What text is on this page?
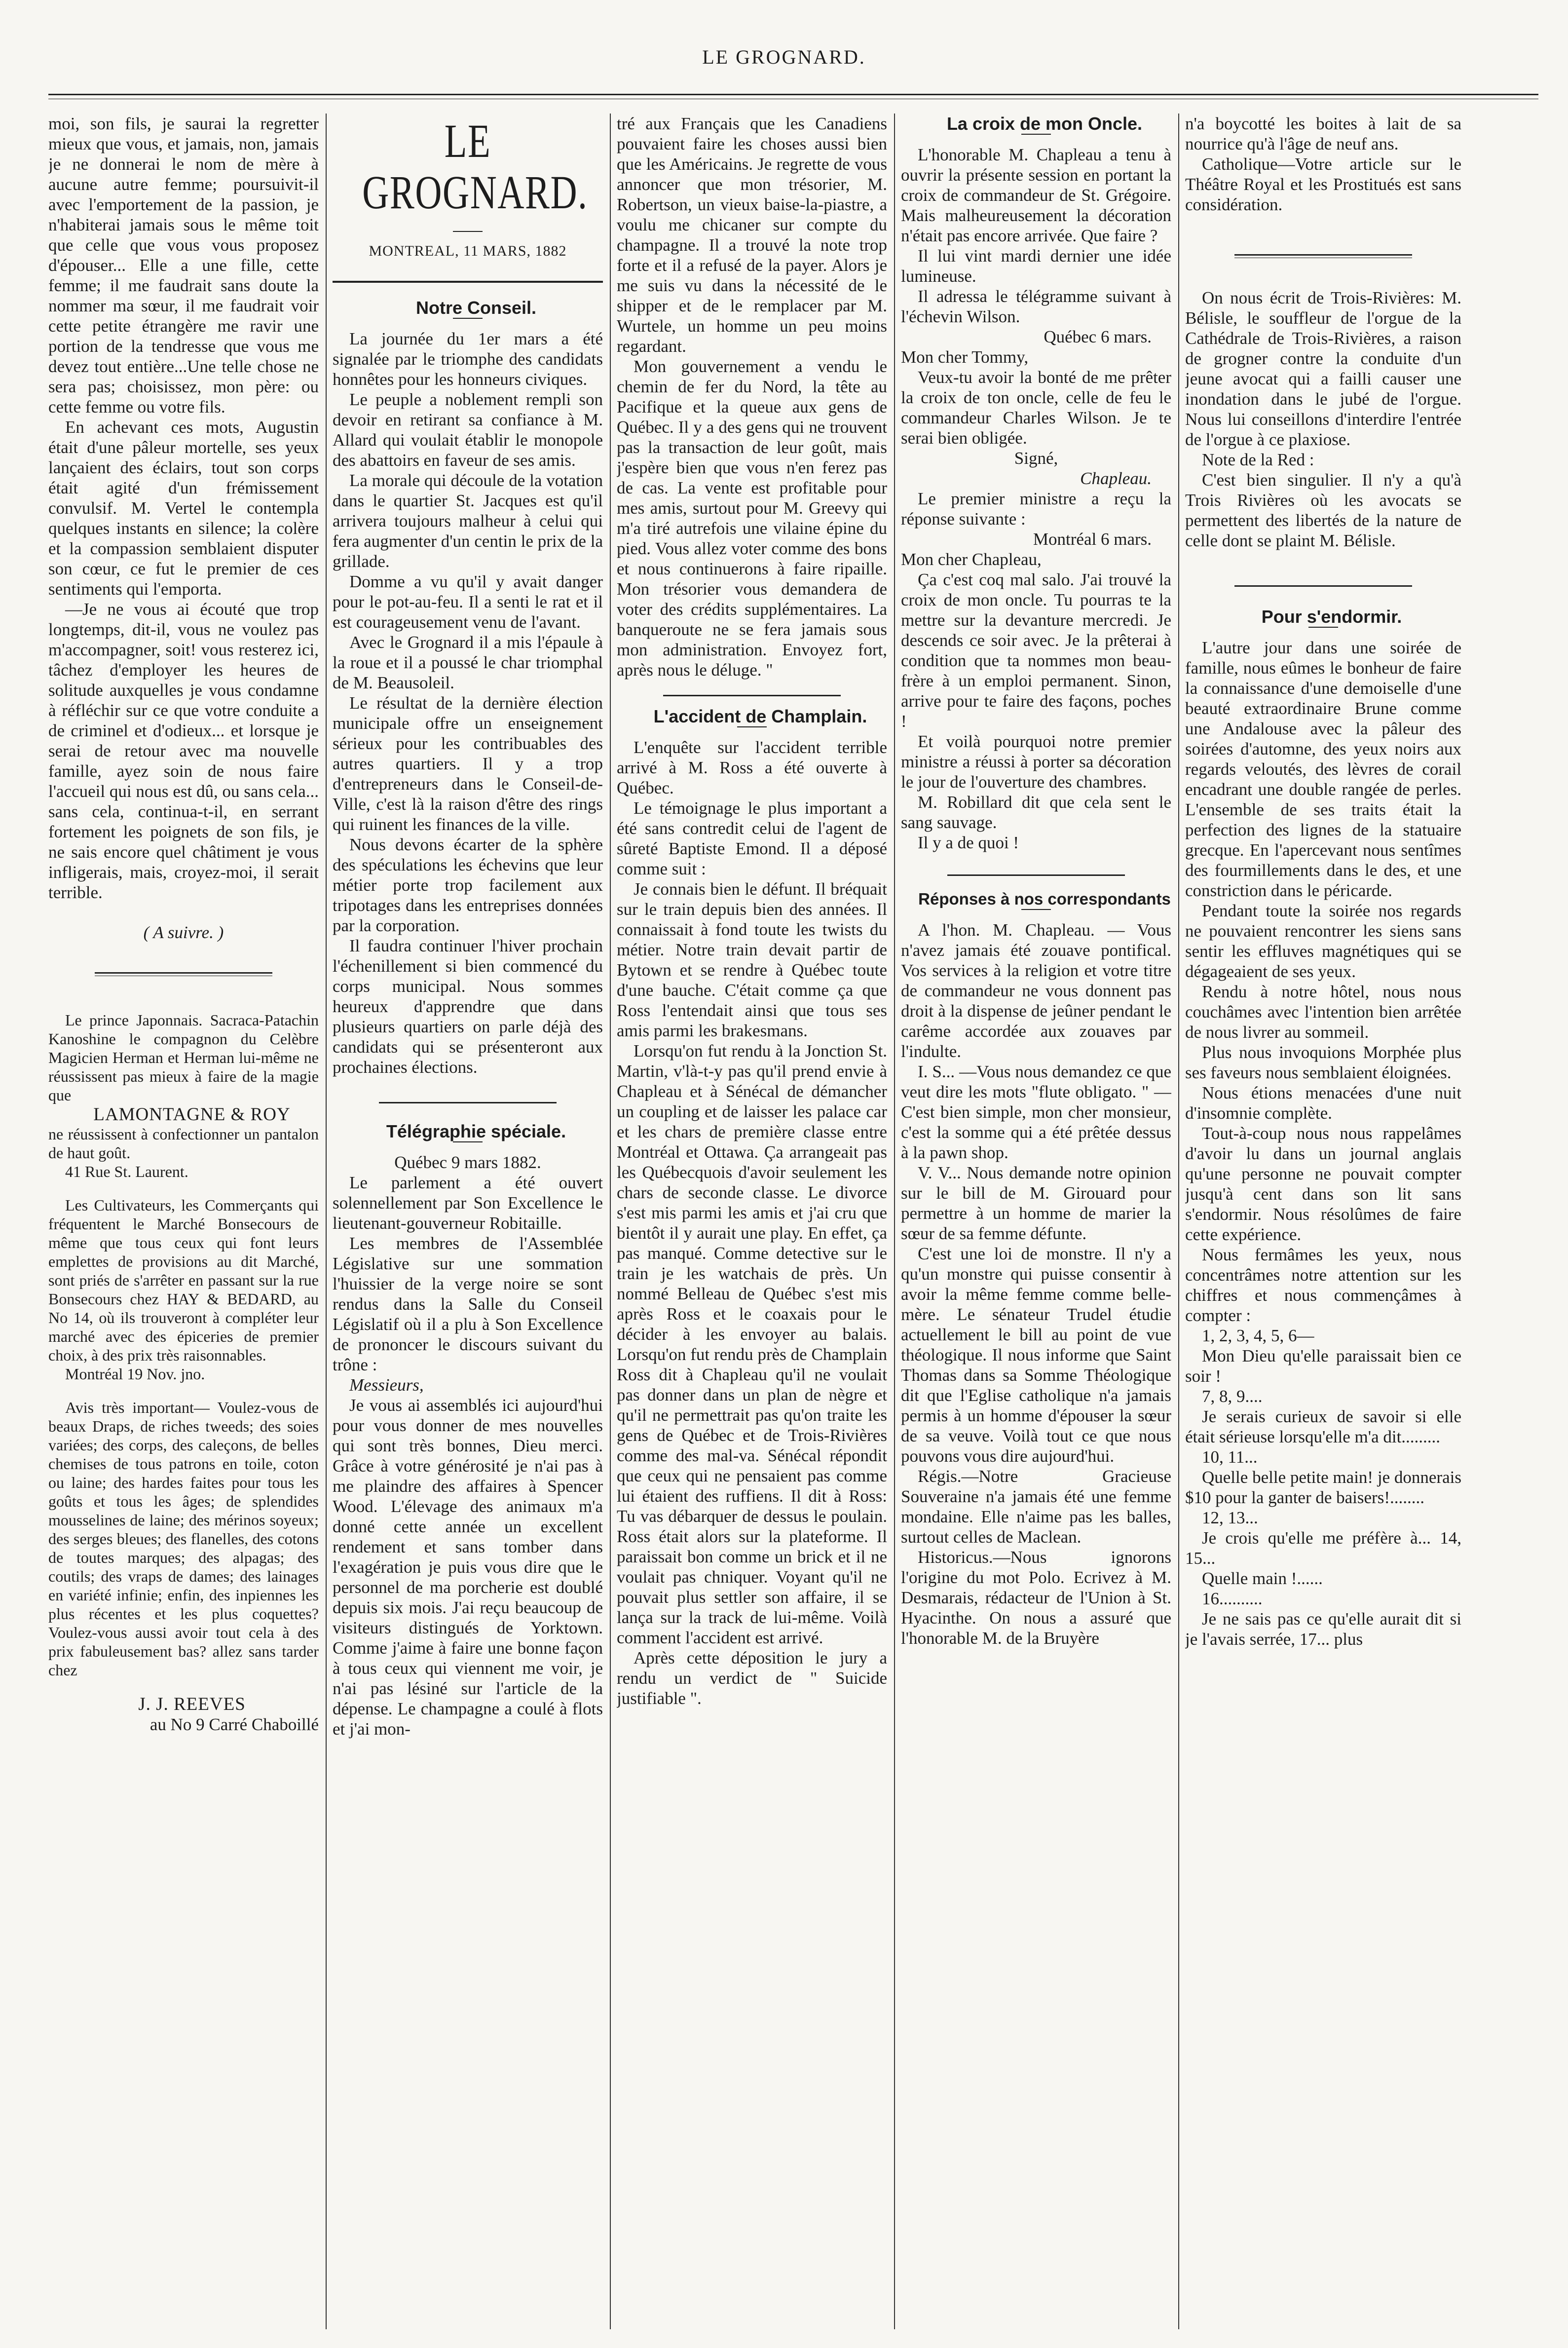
LE GROGNARD.

moi, son fils, je saurai la regretter mieux que vous, et jamais, non, jamais je ne donnerai le nom de mère à aucune autre femme; poursuivit-il avec l'emportement de la passion, je n'habiterai jamais sous le même toit que celle que vous vous proposez d'épouser... Elle a une fille, cette femme; il me faudrait sans doute la nommer ma sœur, il me faudrait voir cette petite étrangère me ravir une portion de la tendresse que vous me devez tout entière...Une telle chose ne sera pas; choisissez, mon père: ou cette femme ou votre fils.

En achevant ces mots, Augustin était d'une pâleur mortelle, ses yeux lançaient des éclairs, tout son corps était agité d'un frémissement convulsif. M. Vertel le contempla quelques instants en silence; la colère et la compassion semblaient disputer son cœur, ce fut le premier de ces sentiments qui l'emporta.

—Je ne vous ai écouté que trop longtemps, dit-il, vous ne voulez pas m'accompagner, soit! vous resterez ici, tâchez d'employer les heures de solitude auxquelles je vous condamne à réfléchir sur ce que votre conduite a de criminel et d'odieux... et lorsque je serai de retour avec ma nouvelle famille, ayez soin de nous faire l'accueil qui nous est dû, ou sans cela... sans cela, continua-t-il, en serrant fortement les poignets de son fils, je ne sais encore quel châtiment je vous infligerais, mais, croyez-moi, il serait terrible.

( A suivre. )

Le prince Japonnais. Sacraca-Patachin Kanoshine le compagnon du Celèbre Magicien Herman et Herman lui-même ne réussissent pas mieux à faire de la magie que

LAMONTAGNE & ROY

ne réussissent à confectionner un pantalon de haut goût.

41 Rue St. Laurent.

Les Cultivateurs, les Commerçants qui fréquentent le Marché Bonsecours de même que tous ceux qui font leurs emplettes de provisions au dit Marché, sont priés de s'arrêter en passant sur la rue Bonsecours chez HAY & BEDARD, au No 14, où ils trouveront à compléter leur marché avec des épiceries de premier choix, à des prix très raisonnables.

Montréal 19 Nov. jno.

Avis très important— Voulez-vous de beaux Draps, de riches tweeds; des soies variées; des corps, des caleçons, de belles chemises de tous patrons en toile, coton ou laine; des hardes faites pour tous les goûts et tous les âges; de splendides mousselines de laine; des mérinos soyeux; des serges bleues; des flanelles, des cotons de toutes marques; des alpagas; des coutils; des vraps de dames; des lainages en variété infinie; enfin, des inpiennes les plus récentes et les plus coquettes? Voulez-vous aussi avoir tout cela à des prix fabuleusement bas? allez sans tarder chez

J. J. REEVES

au No 9 Carré Chaboillé

LE GROGNARD.
MONTREAL, 11 MARS, 1882

Notre Conseil.

La journée du 1er mars a été signalée par le triomphe des candidats honnêtes pour les honneurs civiques.

Le peuple a noblement rempli son devoir en retirant sa confiance à M. Allard qui voulait établir le monopole des abattoirs en faveur de ses amis.

La morale qui découle de la votation dans le quartier St. Jacques est qu'il arrivera toujours malheur à celui qui fera augmenter d'un centin le prix de la grillade.

Domme a vu qu'il y avait danger pour le pot-au-feu. Il a senti le rat et il est courageusement venu de l'avant.

Avec le Grognard il a mis l'épaule à la roue et il a poussé le char triomphal de M. Beausoleil.

Le résultat de la dernière élection municipale offre un enseignement sérieux pour les contribuables des autres quartiers. Il y a trop d'entrepreneurs dans le Conseil-de-Ville, c'est là la raison d'être des rings qui ruinent les finances de la ville.

Nous devons écarter de la sphère des spéculations les échevins que leur métier porte trop facilement aux tripotages dans les entreprises données par la corporation.

Il faudra continuer l'hiver prochain l'échenillement si bien commencé du corps municipal. Nous sommes heureux d'apprendre que dans plusieurs quartiers on parle déjà des candidats qui se présenteront aux prochaines élections.

Télégraphie spéciale.

Québec 9 mars 1882.

Le parlement a été ouvert solennellement par Son Excellence le lieutenant-gouverneur Robitaille.

Les membres de l'Assemblée Législative sur une sommation l'huissier de la verge noire se sont rendus dans la Salle du Conseil Législatif où il a plu à Son Excellence de prononcer le discours suivant du trône :

Messieurs,

Je vous ai assemblés ici aujourd'hui pour vous donner de mes nouvelles qui sont très bonnes, Dieu merci. Grâce à votre générosité je n'ai pas à me plaindre des affaires à Spencer Wood. L'élevage des animaux m'a donné cette année un excellent rendement et sans tomber dans l'exagération je puis vous dire que le personnel de ma porcherie est doublé depuis six mois. J'ai reçu beaucoup de visiteurs distingués de Yorktown. Comme j'aime à faire une bonne façon à tous ceux qui viennent me voir, je n'ai pas lésiné sur l'article de la dépense. Le champagne a coulé à flots et j'ai mon-

tré aux Français que les Canadiens pouvaient faire les choses aussi bien que les Américains. Je regrette de vous annoncer que mon trésorier, M. Robertson, un vieux baise-la-piastre, a voulu me chicaner sur compte du champagne. Il a trouvé la note trop forte et il a refusé de la payer. Alors je me suis vu dans la nécessité de le shipper et de le remplacer par M. Wurtele, un homme un peu moins regardant.

Mon gouvernement a vendu le chemin de fer du Nord, la tête au Pacifique et la queue aux gens de Québec. Il y a des gens qui ne trouvent pas la transaction de leur goût, mais j'espère bien que vous n'en ferez pas de cas. La vente est profitable pour mes amis, surtout pour M. Greevy qui m'a tiré autrefois une vilaine épine du pied. Vous allez voter comme des bons et nous continuerons à faire ripaille. Mon trésorier vous demandera de voter des crédits supplémentaires. La banqueroute ne se fera jamais sous mon administration. Envoyez fort, après nous le déluge. "

L'accident de Champlain.

L'enquête sur l'accident terrible arrivé à M. Ross a été ouverte à Québec.

Le témoignage le plus important a été sans contredit celui de l'agent de sûreté Baptiste Emond. Il a déposé comme suit :

Je connais bien le défunt. Il bréquait sur le train depuis bien des années. Il connaissait à fond toute les twists du métier. Notre train devait partir de Bytown et se rendre à Québec toute d'une bauche. C'était comme ça que Ross l'entendait ainsi que tous ses amis parmi les brakesmans.

Lorsqu'on fut rendu à la Jonction St. Martin, v'là-t-y pas qu'il prend envie à Chapleau et à Sénécal de démancher un coupling et de laisser les palace car et les chars de première classe entre Montréal et Ottawa. Ça arrangeait pas les Québecquois d'avoir seulement les chars de seconde classe. Le divorce s'est mis parmi les amis et j'ai cru que bientôt il y aurait une play. En effet, ça pas manqué. Comme detective sur le train je les watchais de près. Un nommé Belleau de Québec s'est mis après Ross et le coaxais pour le décider à les envoyer au balais. Lorsqu'on fut rendu près de Champlain Ross dit à Chapleau qu'il ne voulait pas donner dans un plan de nègre et qu'il ne permettrait pas qu'on traite les gens de Québec et de Trois-Rivières comme des mal-va. Sénécal répondit que ceux qui ne pensaient pas comme lui étaient des ruffiens. Il dit à Ross: Tu vas débarquer de dessus le poulain. Ross était alors sur la plateforme. Il paraissait bon comme un brick et il ne voulait pas chniquer. Voyant qu'il ne pouvait plus settler son affaire, il se lança sur la track de lui-même. Voilà comment l'accident est arrivé.

Après cette déposition le jury a rendu un verdict de " Suicide justifiable ".

La croix de mon Oncle.

L'honorable M. Chapleau a tenu à ouvrir la présente session en portant la croix de commandeur de St. Grégoire. Mais malheureusement la décoration n'était pas encore arrivée. Que faire ?

Il lui vint mardi dernier une idée lumineuse.

Il adressa le télégramme suivant à l'échevin Wilson.

Québec 6 mars.

Mon cher Tommy,

Veux-tu avoir la bonté de me prêter la croix de ton oncle, celle de feu le commandeur Charles Wilson. Je te serai bien obligée.

Signé,

Chapleau.

Le premier ministre a reçu la réponse suivante :

Montréal 6 mars.

Mon cher Chapleau,

Ça c'est coq mal salo. J'ai trouvé la croix de mon oncle. Tu pourras te la mettre sur la devanture mercredi. Je descends ce soir avec. Je la prêterai à condition que ta nommes mon beau-frère à un emploi permanent. Sinon, arrive pour te faire des façons, poches !

Et voilà pourquoi notre premier ministre a réussi à porter sa décoration le jour de l'ouverture des chambres.

M. Robillard dit que cela sent le sang sauvage.

Il y a de quoi !

Réponses à nos correspondants

A l'hon. M. Chapleau. — Vous n'avez jamais été zouave pontifical. Vos services à la religion et votre titre de commandeur ne vous donnent pas droit à la dispense de jeûner pendant le carême accordée aux zouaves par l'indulte.

I. S... —Vous nous demandez ce que veut dire les mots "flute obligato. " —C'est bien simple, mon cher monsieur, c'est la somme qui a été prêtée dessus à la pawn shop.

V. V... Nous demande notre opinion sur le bill de M. Girouard pour permettre à un homme de marier la sœur de sa femme défunte.

C'est une loi de monstre. Il n'y a qu'un monstre qui puisse consentir à avoir la même femme comme belle-mère. Le sénateur Trudel étudie actuellement le bill au point de vue théologique. Il nous informe que Saint Thomas dans sa Somme Théologique dit que l'Eglise catholique n'a jamais permis à un homme d'épouser la sœur de sa veuve. Voilà tout ce que nous pouvons vous dire aujourd'hui.

Régis.—Notre Gracieuse Souveraine n'a jamais été une femme mondaine. Elle n'aime pas les balles, surtout celles de Maclean.

Historicus.—Nous ignorons l'origine du mot Polo. Ecrivez à M. Desmarais, rédacteur de l'Union à St. Hyacinthe. On nous a assuré que l'honorable M. de la Bruyère

n'a boycotté les boites à lait de sa nourrice qu'à l'âge de neuf ans.

Catholique—Votre article sur le Théâtre Royal et les Prostitués est sans considération.

On nous écrit de Trois-Rivières: M. Bélisle, le souffleur de l'orgue de la Cathédrale de Trois-Rivières, a raison de grogner contre la conduite d'un jeune avocat qui a failli causer une inondation dans le jubé de l'orgue. Nous lui conseillons d'interdire l'entrée de l'orgue à ce plaxiose.

Note de la Red :

C'est bien singulier. Il n'y a qu'à Trois Rivières où les avocats se permettent des libertés de la nature de celle dont se plaint M. Bélisle.

Pour s'endormir.

L'autre jour dans une soirée de famille, nous eûmes le bonheur de faire la connaissance d'une demoiselle d'une beauté extraordinaire Brune comme une Andalouse avec la pâleur des soirées d'automne, des yeux noirs aux regards veloutés, des lèvres de corail encadrant une double rangée de perles. L'ensemble de ses traits était la perfection des lignes de la statuaire grecque. En l'apercevant nous sentîmes des fourmillements dans le des, et une constriction dans le péricarde.

Pendant toute la soirée nos regards ne pouvaient rencontrer les siens sans sentir les effluves magnétiques qui se dégageaient de ses yeux.

Rendu à notre hôtel, nous nous couchâmes avec l'intention bien arrêtée de nous livrer au sommeil.

Plus nous invoquions Morphée plus ses faveurs nous semblaient éloignées.

Nous étions menacées d'une nuit d'insomnie complète.

Tout-à-coup nous nous rappelâmes d'avoir lu dans un journal anglais qu'une personne ne pouvait compter jusqu'à cent dans son lit sans s'endormir. Nous résolûmes de faire cette expérience.

Nous fermâmes les yeux, nous concentrâmes notre attention sur les chiffres et nous commençâmes à compter :

1, 2, 3, 4, 5, 6—

Mon Dieu qu'elle paraissait bien ce soir !

7, 8, 9....

Je serais curieux de savoir si elle était sérieuse lorsqu'elle m'a dit.........

10, 11...

Quelle belle petite main! je donnerais $10 pour la ganter de baisers!........

12, 13...

Je crois qu'elle me préfère à... 14, 15...

Quelle main !......

16..........

Je ne sais pas ce qu'elle aurait dit si je l'avais serrée, 17... plus
